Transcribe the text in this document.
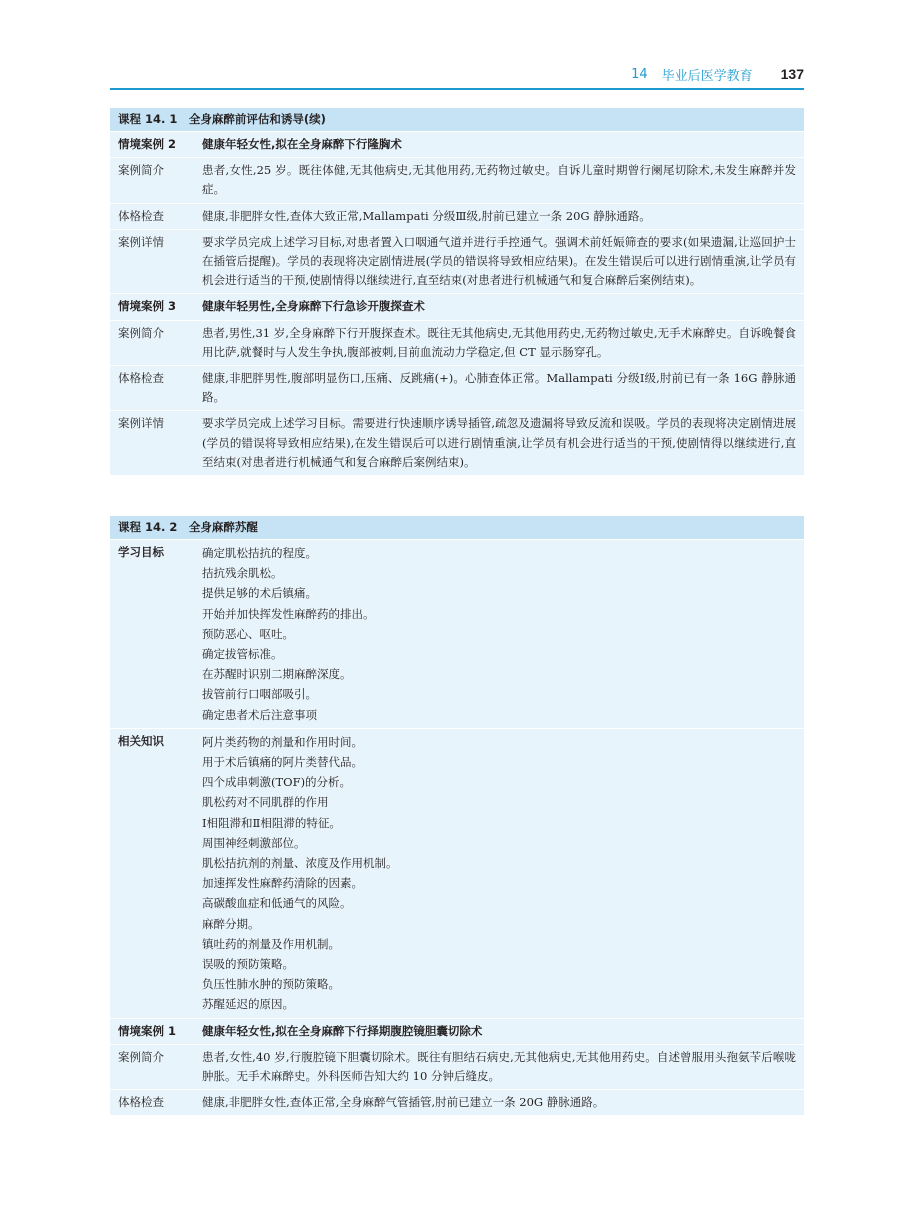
14 毕业后医学教育 137
课程 14. 1　全身麻醉前评估和诱导(续)
情境案例 2	健康年轻女性,拟在全身麻醉下行隆胸术
案例简介	患者,女性,25 岁。既往体健,无其他病史,无其他用药,无药物过敏史。自诉儿童时期曾行阑尾切除术,未发生麻醉并发症。
体格检查	健康,非肥胖女性,查体大致正常,Mallampati 分级Ⅲ级,肘前已建立一条 20G 静脉通路。
案例详情	要求学员完成上述学习目标,对患者置入口咽通气道并进行手控通气。强调术前妊娠筛查的要求(如果遗漏,让巡回护士在插管后提醒)。学员的表现将决定剧情进展(学员的错误将导致相应结果)。在发生错误后可以进行剧情重演,让学员有机会进行适当的干预,使剧情得以继续进行,直至结束(对患者进行机械通气和复合麻醉后案例结束)。
情境案例 3	健康年轻男性,全身麻醉下行急诊开腹探查术
案例简介	患者,男性,31 岁,全身麻醉下行开腹探查术。既往无其他病史,无其他用药史,无药物过敏史,无手术麻醉史。自诉晚餐食用比萨,就餐时与人发生争执,腹部被刺,目前血流动力学稳定,但 CT 显示肠穿孔。
体格检查	健康,非肥胖男性,腹部明显伤口,压痛、反跳痛(+)。心肺查体正常。Mallampati 分级Ⅰ级,肘前已有一条 16G 静脉通路。
案例详情	要求学员完成上述学习目标。需要进行快速顺序诱导插管,疏忽及遗漏将导致反流和误吸。学员的表现将决定剧情进展(学员的错误将导致相应结果),在发生错误后可以进行剧情重演,让学员有机会进行适当的干预,使剧情得以继续进行,直至结束(对患者进行机械通气和复合麻醉后案例结束)。
课程 14. 2　全身麻醉苏醒
学习目标	确定肌松拮抗的程度。
拮抗残余肌松。
提供足够的术后镇痛。
开始并加快挥发性麻醉药的排出。
预防恶心、呕吐。
确定拔管标准。
在苏醒时识别二期麻醉深度。
拔管前行口咽部吸引。
确定患者术后注意事项
相关知识	阿片类药物的剂量和作用时间。
用于术后镇痛的阿片类替代品。
四个成串刺激(TOF)的分析。
肌松药对不同肌群的作用
Ⅰ相阻滞和Ⅱ相阻滞的特征。
周围神经刺激部位。
肌松拮抗剂的剂量、浓度及作用机制。
加速挥发性麻醉药清除的因素。
高碳酸血症和低通气的风险。
麻醉分期。
镇吐药的剂量及作用机制。
误吸的预防策略。
负压性肺水肿的预防策略。
苏醒延迟的原因。
情境案例 1	健康年轻女性,拟在全身麻醉下行择期腹腔镜胆囊切除术
案例简介	患者,女性,40 岁,行腹腔镜下胆囊切除术。既往有胆结石病史,无其他病史,无其他用药史。自述曾服用头孢氨苄后喉咙肿胀。无手术麻醉史。外科医师告知大约 10 分钟后缝皮。
体格检查	健康,非肥胖女性,查体正常,全身麻醉气管插管,肘前已建立一条 20G 静脉通路。
